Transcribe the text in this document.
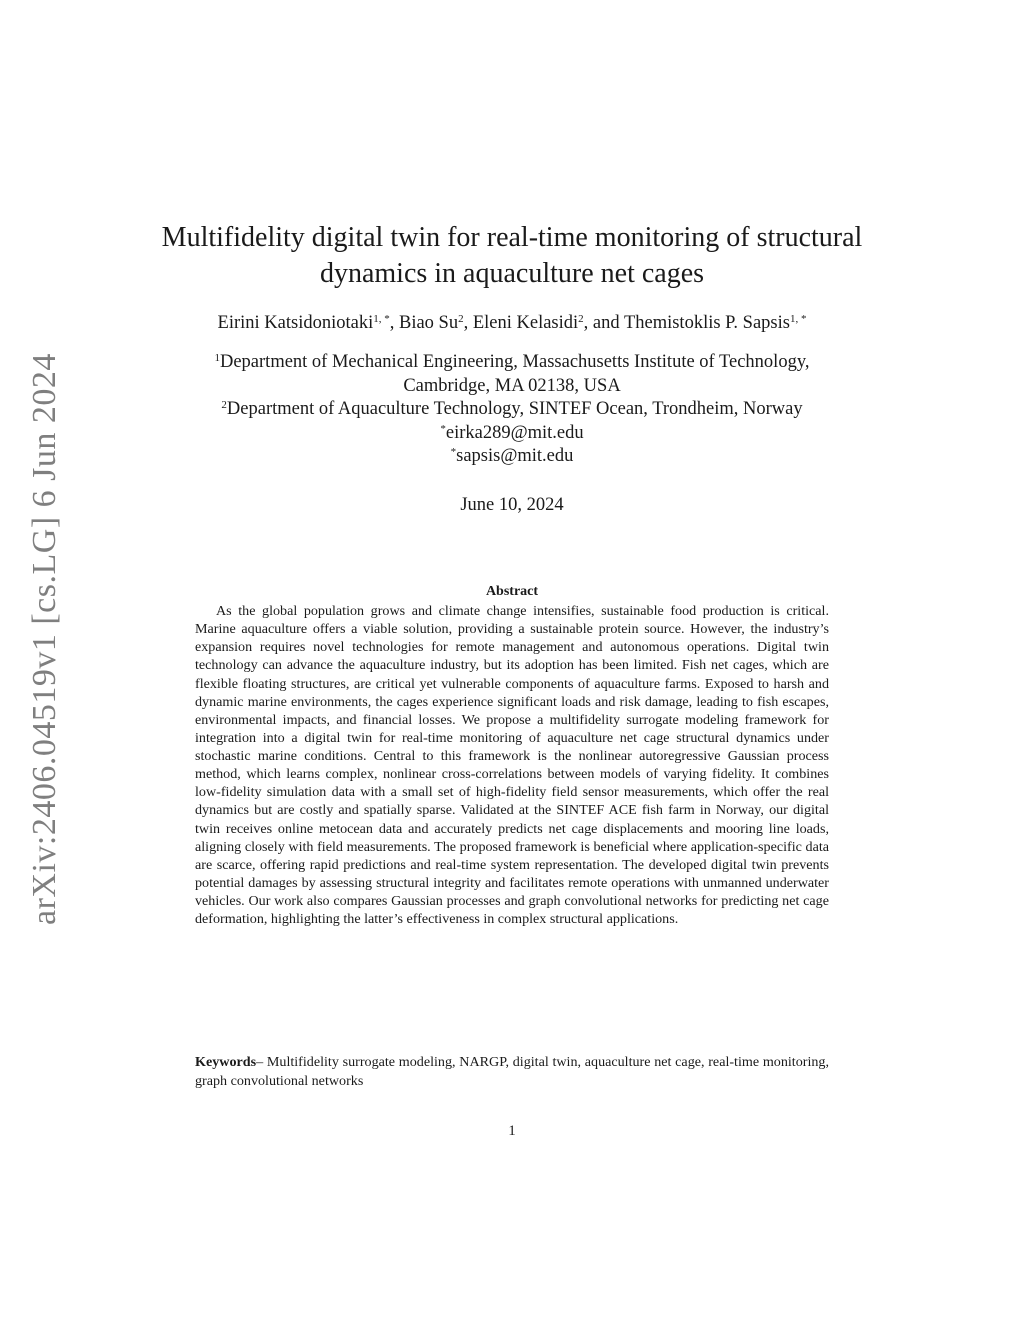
arXiv:2406.04519v1 [cs.LG] 6 Jun 2024
Multifidelity digital twin for real-time monitoring of structural dynamics in aquaculture net cages
Eirini Katsidoniotaki$^{1, *}$, Biao Su$^2$, Eleni Kelasidi$^2$, and Themistoklis P. Sapsis$^{1, *}$
$^1$Department of Mechanical Engineering, Massachusetts Institute of Technology,
Cambridge, MA 02138, USA
$^2$Department of Aquaculture Technology, SINTEF Ocean, Trondheim, Norway
*eirka289@mit.edu
*sapsis@mit.edu
June 10, 2024
Abstract

As the global population grows and climate change intensifies, sustainable food production is critical. Marine aquaculture offers a viable solution, providing a sustainable protein source. However, the industry’s expansion requires novel technologies for remote management and autonomous operations. Digital twin technology can advance the aquaculture industry, but its adoption has been limited. Fish net cages, which are flexible floating structures, are critical yet vulnerable components of aquaculture farms. Exposed to harsh and dynamic marine environments, the cages experience significant loads and risk damage, leading to fish escapes, environmental impacts, and financial losses. We propose a multifidelity surrogate modeling framework for integration into a digital twin for real-time monitoring of aquaculture net cage structural dynamics under stochastic marine conditions. Central to this framework is the nonlinear autoregressive Gaussian process method, which learns complex, nonlinear cross-correlations between models of varying fidelity. It combines low-fidelity simulation data with a small set of high-fidelity field sensor measurements, which offer the real dynamics but are costly and spatially sparse. Validated at the SINTEF ACE fish farm in Norway, our digital twin receives online metocean data and accurately predicts net cage displacements and mooring line loads, aligning closely with field measurements. The proposed framework is beneficial where application-specific data are scarce, offering rapid predictions and real-time system representation. The developed digital twin prevents potential damages by assessing structural integrity and facilitates remote operations with unmanned underwater vehicles. Our work also compares Gaussian processes and graph convolutional networks for predicting net cage deformation, highlighting the latter’s effectiveness in complex structural applications.

Keywords– Multifidelity surrogate modeling, NARGP, digital twin, aquaculture net cage, real-time monitoring, graph convolutional networks

1
